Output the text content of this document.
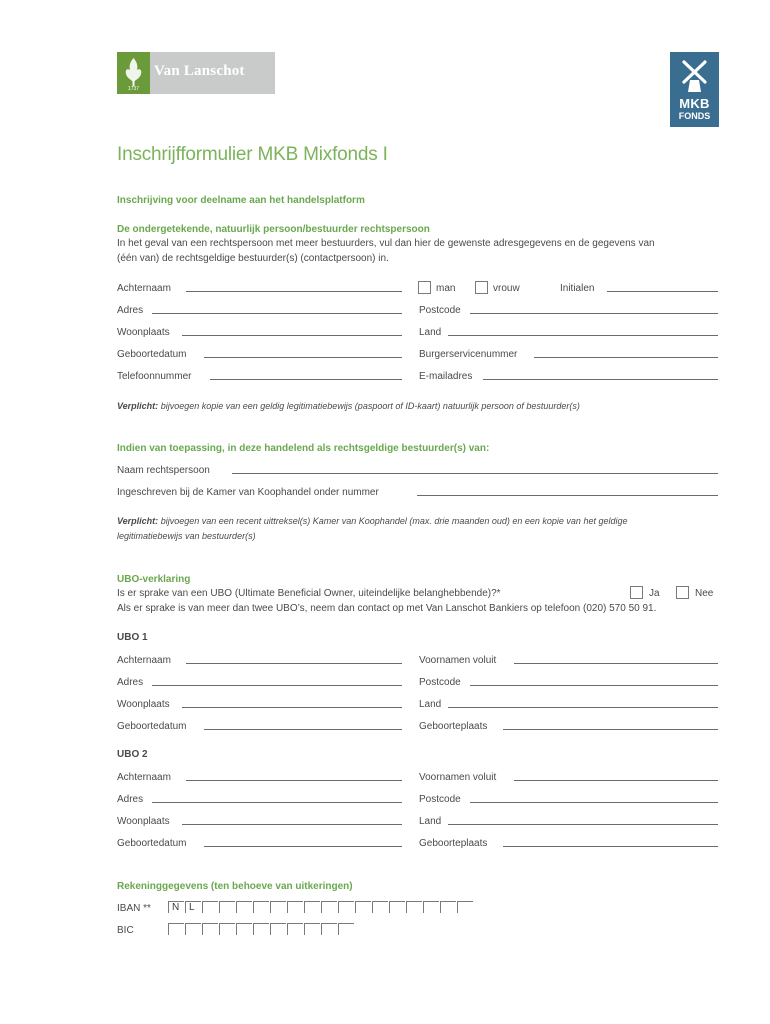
1737
Van Lanschot
MKB
FONDS
Inschrijfformulier MKB Mixfonds I
Inschrijving voor deelname aan het handelsplatform
De ondergetekende, natuurlijk persoon/bestuurder rechtspersoon
In het geval van een rechtspersoon met meer bestuurders, vul dan hier de gewenste adresgegevens en de gegevens van
(één van) de rechtsgeldige bestuurder(s) (contactpersoon) in.
Achternaam	man	vrouw	Initialen
Adres	Postcode
Woonplaats	Land
Geboortedatum	Burgerservicenummer
Telefoonnummer	E-mailadres
Verplicht: bijvoegen kopie van een geldig legitimatiebewijs (paspoort of ID-kaart) natuurlijk persoon of bestuurder(s)
Indien van toepassing, in deze handelend als rechtsgeldige bestuurder(s) van:
Naam rechtspersoon
Ingeschreven bij de Kamer van Koophandel onder nummer
Verplicht: bijvoegen van een recent uittreksel(s) Kamer van Koophandel (max. drie maanden oud) en een kopie van het geldige
legitimatiebewijs van bestuurder(s)
UBO-verklaring
Is er sprake van een UBO (Ultimate Beneficial Owner, uiteindelijke belanghebbende)?*	Ja	Nee
Als er sprake is van meer dan twee UBO’s, neem dan contact op met Van Lanschot Bankiers op telefoon (020) 570 50 91.
UBO 1
Achternaam	Voornamen voluit
Adres	Postcode
Woonplaats	Land
Geboortedatum	Geboorteplaats
UBO 2
Achternaam	Voornamen voluit
Adres	Postcode
Woonplaats	Land
Geboortedatum	Geboorteplaats
Rekeninggegevens (ten behoeve van uitkeringen)
IBAN **	N L
BIC
